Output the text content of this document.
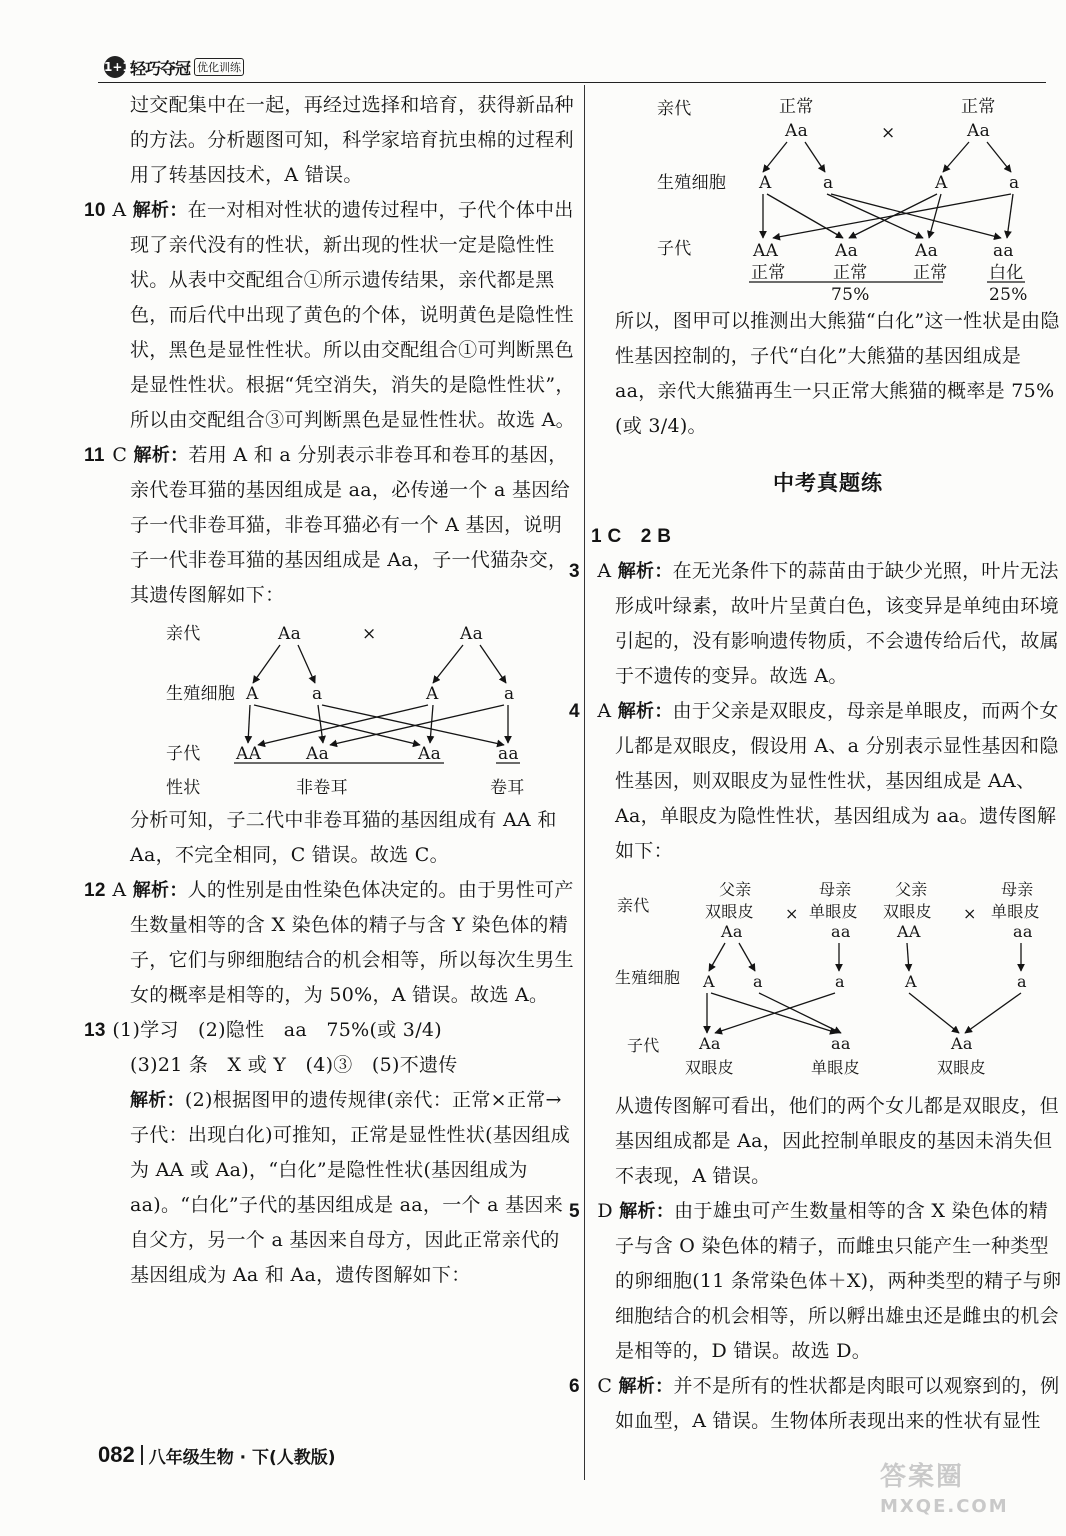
1+1 轻巧夺冠 优化训练

过交配集中在一起，再经过选择和培育，获得新品种的方法。分析题图可知，科学家培育抗虫棉的过程利用了转基因技术，A 错误。

10 A 解析：在一对相对性状的遗传过程中，子代个体中出现了亲代没有的性状，新出现的性状一定是隐性性状。从表中交配组合①所示遗传结果，亲代都是黑色，而后代中出现了黄色的个体，说明黄色是隐性性状，黑色是显性性状。所以由交配组合①可判断黑色是显性性状。根据“凭空消失，消失的是隐性性状”，所以由交配组合③可判断黑色是显性性状。故选 A。

11 C 解析：若用 A 和 a 分别表示非卷耳和卷耳的基因，亲代卷耳猫的基因组成是 aa，必传递一个 a 基因给子一代非卷耳猫，非卷耳猫必有一个 A 基因，说明子一代非卷耳猫的基因组成是 Aa，子一代猫杂交，其遗传图解如下：

亲代
生殖细胞
子代
性状
Aa	×	Aa
A	a	A	a
AA	Aa	Aa	aa
非卷耳	卷耳

分析可知，子二代中非卷耳猫的基因组成有 AA 和 Aa，不完全相同，C 错误。故选 C。

12 A 解析：人的性别是由性染色体决定的。由于男性可产生数量相等的含 X 染色体的精子与含 Y 染色体的精子，它们与卵细胞结合的机会相等，所以每次生男生女的概率是相等的，为 50%，A 错误。故选 A。

13 (1)学习　(2)隐性　aa　75%(或 3/4)

(3)21 条　X 或 Y　(4)③　(5)不遗传

解析：(2)根据图甲的遗传规律(亲代：正常×正常→子代：出现白化)可推知，正常是显性性状(基因组成为 AA 或 Aa)，“白化”是隐性性状(基因组成为 aa)。“白化”子代的基因组成是 aa，一个 a 基因来自父方，另一个 a 基因来自母方，因此正常亲代的基因组成为 Aa 和 Aa，遗传图解如下：

亲代
生殖细胞
子代
正常
Aa	×
正常
Aa
A	a	A	a
AA	Aa	Aa	aa
正常	正常	正常 白化
75%	25%

所以，图甲可以推测出大熊猫“白化”这一性状是由隐性基因控制的，子代“白化”大熊猫的基因组成是 aa，亲代大熊猫再生一只正常大熊猫的概率是 75%(或 3/4)。

中考真题练

1 C　2 B

3 A 解析：在无光条件下的蒜苗由于缺少光照，叶片无法形成叶绿素，故叶片呈黄白色，该变异是单纯由环境引起的，没有影响遗传物质，不会遗传给后代，故属于不遗传的变异。故选 A。

4 A 解析：由于父亲是双眼皮，母亲是单眼皮，而两个女儿都是双眼皮，假设用 A、a 分别表示显性基因和隐性基因，则双眼皮为显性性状，基因组成是 AA、Aa，单眼皮为隐性性状，基因组成为 aa。遗传图解如下：

亲代
生殖细胞
子代
父亲
双眼皮
Aa
×
母亲
单眼皮
aa
父亲
双眼皮
AA
×
母亲
单眼皮
aa
A a	a	A	a
Aa
双眼皮
aa
单眼皮
Aa
双眼皮

从遗传图解可看出，他们的两个女儿都是双眼皮，但基因组成都是 Aa，因此控制单眼皮的基因未消失但不表现，A 错误。

5 D 解析：由于雄虫可产生数量相等的含 X 染色体的精子与含 O 染色体的精子，而雌虫只能产生一种类型的卵细胞(11 条常染色体＋X)，两种类型的精子与卵细胞结合的机会相等，所以孵出雄虫还是雌虫的机会是相等的，D 错误。故选 D。

6 C 解析：并不是所有的性状都是肉眼可以观察到的，例如血型，A 错误。生物体所表现出来的性状有显性

082 八年级生物 · 下(人教版)
答案圈
MXQE.COM
